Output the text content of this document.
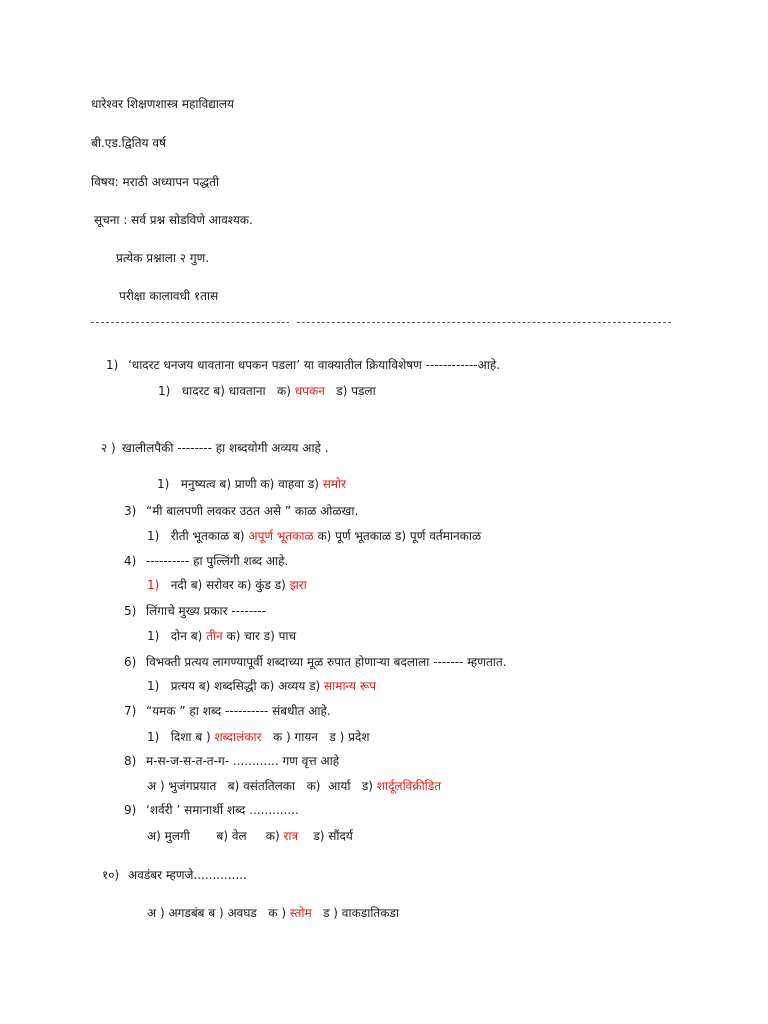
धारेश्वर शिक्षणशास्त्र महाविद्यालय
बी.एड.द्वितिय वर्ष
विषय: मराठी अध्यापन पद्धती
सूचना : सर्व प्रश्न सोडविणे आवश्यक.
प्रत्येक प्रश्नाला २ गुण.
परीक्षा कालावधी १तास
1) ‘धादरट धनजय धावताना धपकन पडला’ या वाक्यातील क्रियाविशेषण ------------आहे.
1)   धादरट ब) धावताना   क) धपकन   ड) पडला
२ ) खालीलपैकी -------- हा शब्दयोगी अव्यय आहे .
1)   मनुष्यत्व ब) प्राणी क) वाहवा ड) समोर
3) “मी बालपणी लवकर उठत असे ” काळ ओळखा.
1)   रीती भूतकाळ ब) अपूर्ण भूतकाळ क) पूर्ण भूतकाळ ड) पूर्ण वर्तमानकाळ
4) ---------- हा पुल्लिंगी शब्द आहे.
1)   नदी ब) सरोवर क) कुंड ड) झरा
5) लिंगाचे मुख्य प्रकार --------
1)   दोन ब) तीन क) चार ड) पाच
6) विभक्ती प्रत्यय लागण्यापूर्वी शब्दाच्या मूळ रुपात होणाऱ्या बदलाला ------- म्हणतात.
1)   प्रत्यय ब) शब्दसिद्धी क) अव्यय ड) सामान्य रूप
7) “यमक ” हा शब्द ---------- संबधीत आहे.
1)   दिशा ब ) शब्दालंकार   क ) गायन   ड ) प्रदेश
8) म-स-ज-स-त-त-ग- ............ गण वृत्त आहे
अ ) भुजंगप्रयात   ब) वसंततिलका   क)  आर्या   ड) शार्दूलविक्रीडित
9) ‘शर्वरी ’ समानार्थी शब्द .............
अ) मुलगी       ब) वेल     क) रात्र    ड) सौंदर्य
१०) अवडंबर म्हणजे..............
अ ) अगडबंब ब ) अवघड   क ) स्तोम   ड ) वाकडातिकडा
